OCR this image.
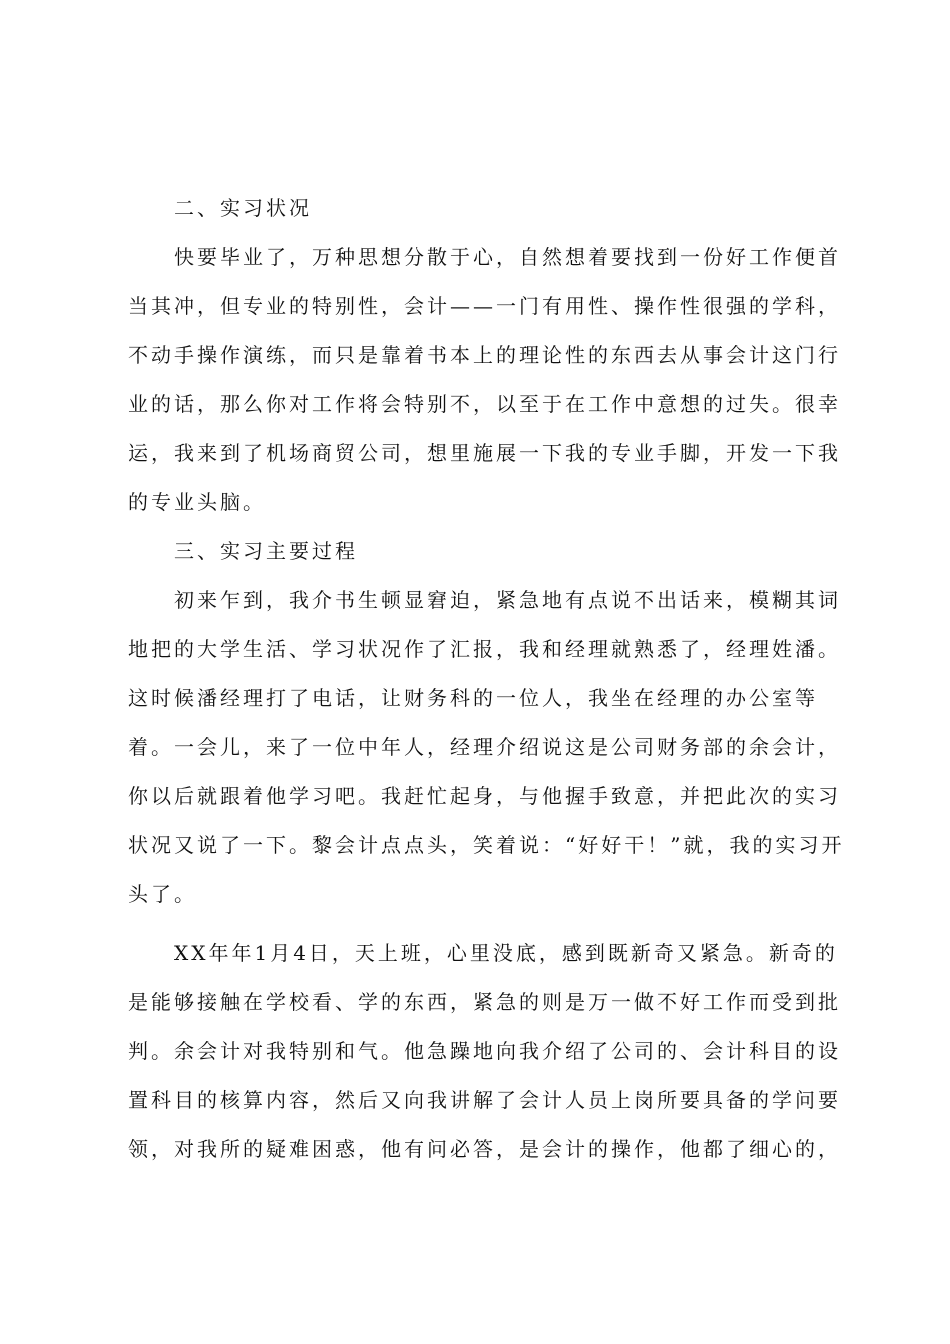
二、实习状况
快要毕业了，万种思想分散于心，自然想着要找到一份好工作便首
当其冲，但专业的特别性，会计——一门有用性、操作性很强的学科，
不动手操作演练，而只是靠着书本上的理论性的东西去从事会计这门行
业的话，那么你对工作将会特别不，以至于在工作中意想的过失。很幸
运，我来到了机场商贸公司，想里施展一下我的专业手脚，开发一下我
的专业头脑。
三、实习主要过程
初来乍到，我介书生顿显窘迫，紧急地有点说不出话来，模糊其词
地把的大学生活、学习状况作了汇报，我和经理就熟悉了，经理姓潘。
这时候潘经理打了电话，让财务科的一位人，我坐在经理的办公室等
着。一会儿，来了一位中年人，经理介绍说这是公司财务部的余会计，
你以后就跟着他学习吧。我赶忙起身，与他握手致意，并把此次的实习
状况又说了一下。黎会计点点头，笑着说：“好好干！”就，我的实习开
头了。
XX年年1月4日，天上班，心里没底，感到既新奇又紧急。新奇的
是能够接触在学校看、学的东西，紧急的则是万一做不好工作而受到批
判。余会计对我特别和气。他急躁地向我介绍了公司的、会计科目的设
置科目的核算内容，然后又向我讲解了会计人员上岗所要具备的学问要
领，对我所的疑难困惑，他有问必答，是会计的操作，他都了细心的，
